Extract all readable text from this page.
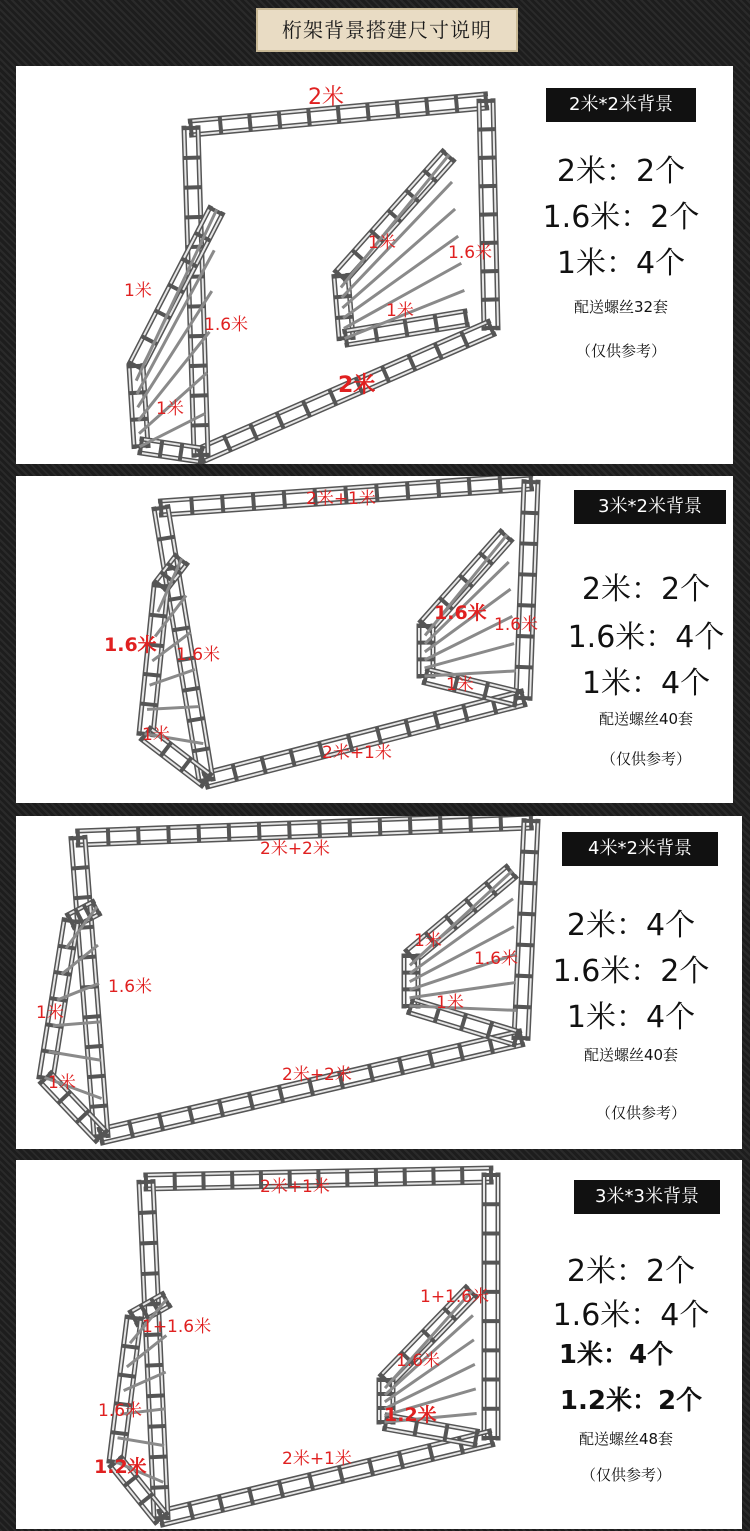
桁架背景搭建尺寸说明
2米
1米
1.6米
1米	1.6米
1米
1米
2米
2米*2米背景
2米：2个
1.6米：2个
1米：4个
配送螺丝32套
（仅供参考）
2米+1米
1.6米 1.6米
1.6米
1.6米
1米
1米
2米+1米
3米*2米背景
2米：2个
1.6米：4个
1米：4个
配送螺丝40套
（仅供参考）
2米+2米
1米
1.6米
1.6米
1米	1米
1米	2米+2米
4米*2米背景
2米：4个
1.6米：2个
1米：4个
配送螺丝40套
（仅供参考）
2米+1米
1+1.6米
1+1.6米
1.6米
1.6米	1.2米
1.2米	2米+1米
3米*3米背景
2米：2个
1.6米：4个
1米：4个
1.2米：2个
配送螺丝48套
（仅供参考）
